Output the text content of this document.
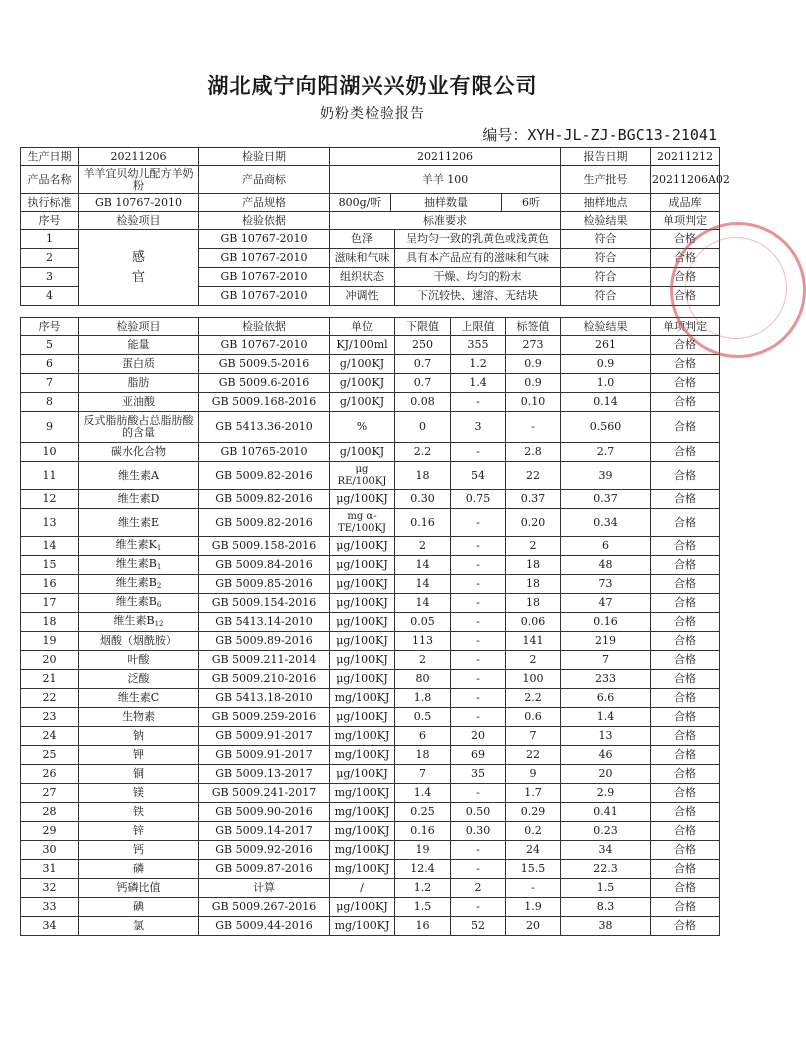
湖北咸宁向阳湖兴兴奶业有限公司
奶粉类检验报告
编号：XYH-JL-ZJ-BGC13-21041
生产日期	20211206	检验日期	20211206		报告日期	20211212
产品名称	羊羊宜贝幼儿配方羊奶粉	产品商标	羊羊 100		生产批号	20211206A02
执行标准	GB 10767-2010	产品规格	800g/听 抽样数量 6听		抽样地点	成品库
序号	检验项目	检验依据	标准要求		检验结果	单项判定
1	感官	GB 10767-2010	色泽	呈均匀一致的乳黄色或浅黄色	符合	合格
2		GB 10767-2010	滋味和气味	具有本产品应有的滋味和气味	符合	合格
3		GB 10767-2010	组织状态	干燥、均匀的粉末	符合	合格
4		GB 10767-2010	冲调性	下沉较快、速溶、无结块	符合	合格
序号	检验项目	检验依据	单位	下限值	上限值	标签值	检验结果	单项判定
5	能量	GB 10767-2010	KJ/100ml	250	355	273	261	合格
6	蛋白质	GB 5009.5-2016	g/100KJ	0.7	1.2	0.9	0.9	合格
7	脂肪	GB 5009.6-2016	g/100KJ	0.7	1.4	0.9	1.0	合格
8	亚油酸	GB 5009.168-2016	g/100KJ	0.08	-	0.10	0.14	合格
9	反式脂肪酸占总脂肪酸的含量	GB 5413.36-2010	%	0	3	-	0.560	合格
10	碳水化合物	GB 10765-2010	g/100KJ	2.2	-	2.8	2.7	合格
11	维生素A	GB 5009.82-2016	μg RE/100KJ	18	54	22	39	合格
12	维生素D	GB 5009.82-2016	μg/100KJ	0.30	0.75	0.37	0.37	合格
13	维生素E	GB 5009.82-2016	mg α-TE/100KJ	0.16	-	0.20	0.34	合格
14	维生素$K_1$	GB 5009.158-2016	μg/100KJ	2	-	2	6	合格
15	维生素$B_1$	GB 5009.84-2016	μg/100KJ	14	-	18	48	合格
16	维生素$B_2$	GB 5009.85-2016	μg/100KJ	14	-	18	73	合格
17	维生素$B_6$	GB 5009.154-2016	μg/100KJ	14	-	18	47	合格
18	维生素$B_{12}$	GB 5413.14-2010	μg/100KJ	0.05	-	0.06	0.16	合格
19	烟酸（烟酰胺）	GB 5009.89-2016	μg/100KJ	113	-	141	219	合格
20	叶酸	GB 5009.211-2014	μg/100KJ	2	-	2	7	合格
21	泛酸	GB 5009.210-2016	μg/100KJ	80	-	100	233	合格
22	维生素C	GB 5413.18-2010	mg/100KJ	1.8	-	2.2	6.6	合格
23	生物素	GB 5009.259-2016	μg/100KJ	0.5	-	0.6	1.4	合格
24	钠	GB 5009.91-2017	mg/100KJ	6	20	7	13	合格
25	钾	GB 5009.91-2017	mg/100KJ	18	69	22	46	合格
26	铜	GB 5009.13-2017	μg/100KJ	7	35	9	20	合格
27	镁	GB 5009.241-2017	mg/100KJ	1.4	-	1.7	2.9	合格
28	铁	GB 5009.90-2016	mg/100KJ	0.25	0.50	0.29	0.41	合格
29	锌	GB 5009.14-2017	mg/100KJ	0.16	0.30	0.2	0.23	合格
30	钙	GB 5009.92-2016	mg/100KJ	19	-	24	34	合格
31	磷	GB 5009.87-2016	mg/100KJ	12.4	-	15.5	22.3	合格
32	钙磷比值	计算	/	1.2	2	-	1.5	合格
33	碘	GB 5009.267-2016	μg/100KJ	1.5	-	1.9	8.3	合格
34	氯	GB 5009.44-2016	mg/100KJ	16	52	20	38	合格
